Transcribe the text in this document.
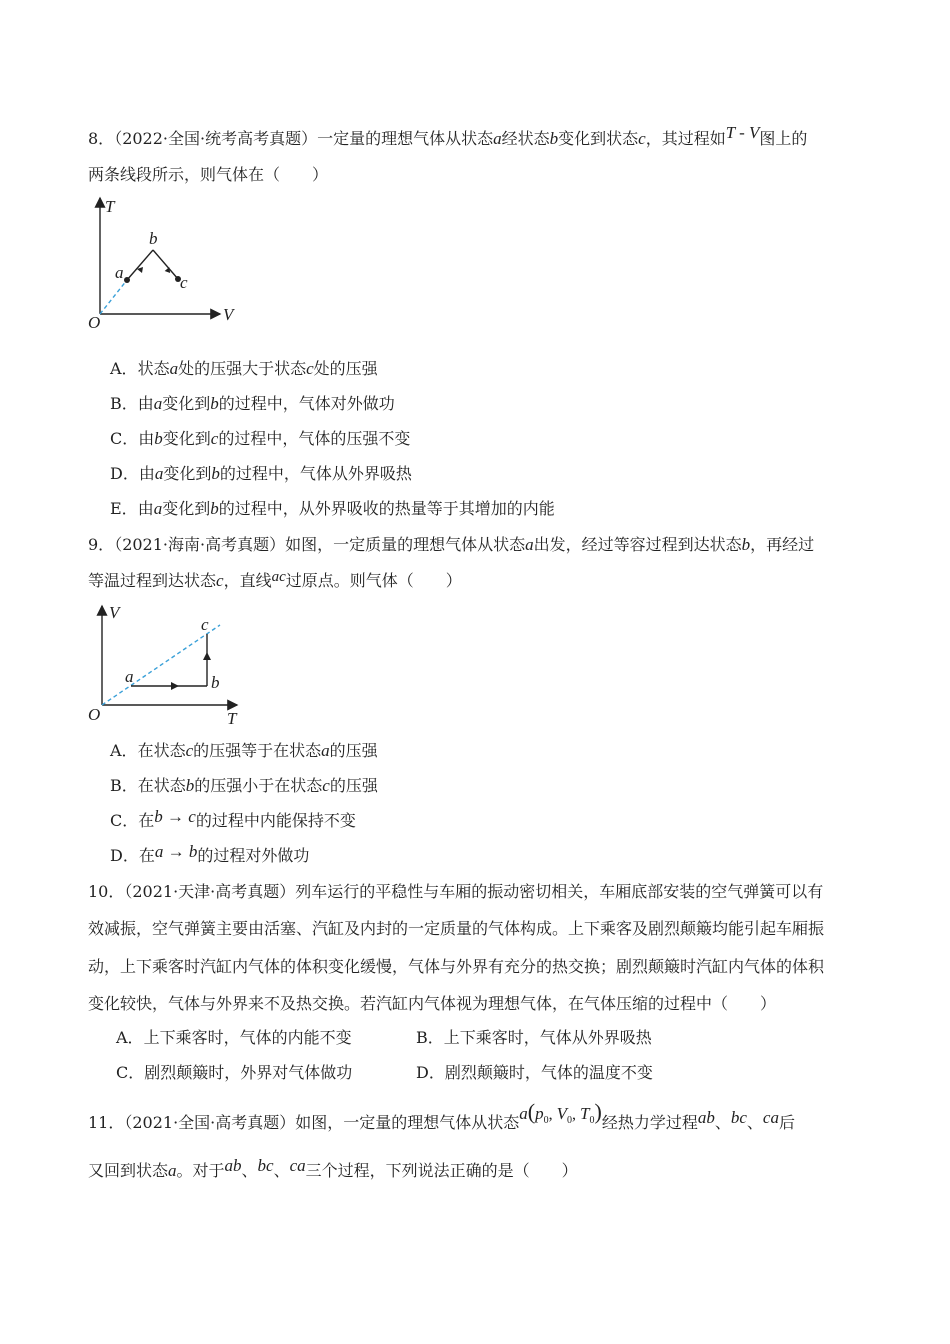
8．（2022·全国·统考高考真题）一定量的理想气体从状态a经状态b变化到状态c，其过程如T - V图上的
两条线段所示，则气体在（　　）
T
V
O
a
b
c
A．状态a处的压强大于状态c处的压强
B．由a变化到b的过程中，气体对外做功
C．由b变化到c的过程中，气体的压强不变
D．由a变化到b的过程中，气体从外界吸热
E．由a变化到b的过程中，从外界吸收的热量等于其增加的内能
9．（2021·海南·高考真题）如图，一定质量的理想气体从状态a出发，经过等容过程到达状态b，再经过
等温过程到达状态c，直线ac过原点。则气体（　　）
V
T
O
a	b
c
A．在状态c的压强等于在状态a的压强
B．在状态b的压强小于在状态c的压强
C．在b → c的过程中内能保持不变
D．在a → b的过程对外做功
10．（2021·天津·高考真题）列车运行的平稳性与车厢的振动密切相关，车厢底部安装的空气弹簧可以有
效减振，空气弹簧主要由活塞、汽缸及内封的一定质量的气体构成。上下乘客及剧烈颠簸均能引起车厢振
动，上下乘客时汽缸内气体的体积变化缓慢，气体与外界有充分的热交换；剧烈颠簸时汽缸内气体的体积
变化较快，气体与外界来不及热交换。若汽缸内气体视为理想气体，在气体压缩的过程中（　　）
A．上下乘客时，气体的内能不变	B．上下乘客时，气体从外界吸热
C．剧烈颠簸时，外界对气体做功	D．剧烈颠簸时，气体的温度不变
11．（2021·全国·高考真题）如图，一定量的理想气体从状态$a(p_0$, $V_0$, $T_0$)经热力学过程ab、bc、ca后
又回到状态a。对于ab、bc、ca三个过程，下列说法正确的是（　　）
